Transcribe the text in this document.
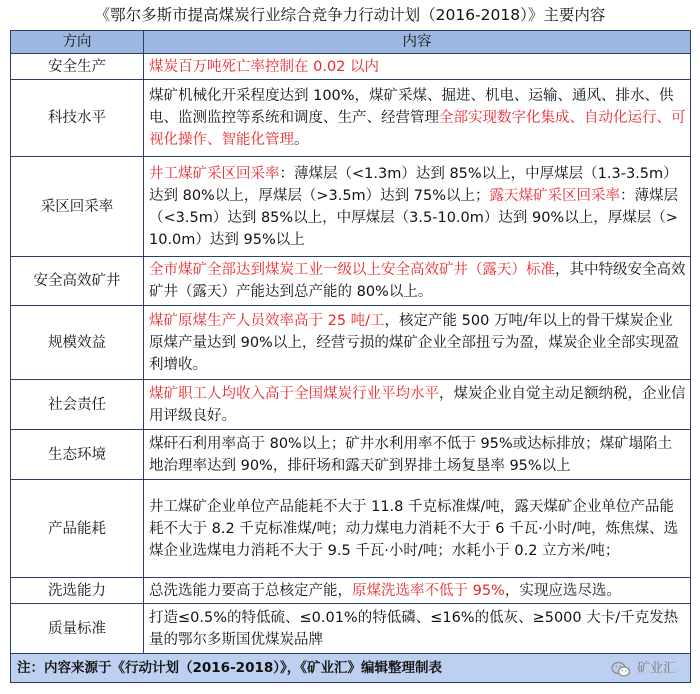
《鄂尔多斯市提高煤炭行业综合竞争力行动计划（2016-2018）》主要内容
方向	内容
安全生产	煤炭百万吨死亡率控制在 0.02 以内
科技水平	煤矿机械化开采程度达到 100%，煤矿采煤、掘进、机电、运输、通风、排水、供电、监测监控等系统和调度、生产、经营管理全部实现数字化集成、自动化运行、可视化操作、智能化管理。
采区回采率	井工煤矿采区回采率：薄煤层（<1.3m）达到 85%以上，中厚煤层（1.3-3.5m）达到 80%以上，厚煤层（>3.5m）达到 75%以上；露天煤矿采区回采率：薄煤层（<3.5m）达到 85%以上，中厚煤层（3.5-10.0m）达到 90%以上，厚煤层（>10.0m）达到 95%以上
安全高效矿井	全市煤矿全部达到煤炭工业一级以上安全高效矿井（露天）标准，其中特级安全高效矿井（露天）产能达到总产能的 80%以上。
规模效益	煤矿原煤生产人员效率高于 25 吨/工，核定产能 500 万吨/年以上的骨干煤炭企业原煤产量达到 90%以上，经营亏损的煤矿企业全部扭亏为盈，煤炭企业全部实现盈利增收。
社会责任	煤矿职工人均收入高于全国煤炭行业平均水平，煤炭企业自觉主动足额纳税，企业信用评级良好。
生态环境	煤矸石利用率高于 80%以上；矿井水利用率不低于 95%或达标排放；煤矿塌陷土地治理率达到 90%，排矸场和露天矿到界排土场复垦率 95%以上
产品能耗	井工煤矿企业单位产品能耗不大于 11.8 千克标准煤/吨，露天煤矿企业单位产品能耗不大于 8.2 千克标准煤/吨；动力煤电力消耗不大于 6 千瓦·小时/吨，炼焦煤、选煤企业选煤电力消耗不大于 9.5 千瓦·小时/吨；水耗小于 0.2 立方米/吨；
洗选能力	总洗选能力要高于总核定产能，原煤洗选率不低于 95%，实现应选尽选。
质量标准	打造≤0.5%的特低硫、≤0.01%的特低磷、≤16%的低灰、≥5000 大卡/千克发热量的鄂尔多斯国优煤炭品牌
注：内容来源于《行动计划（2016-2018）》，《矿业汇》编辑整理制表 矿业汇	
